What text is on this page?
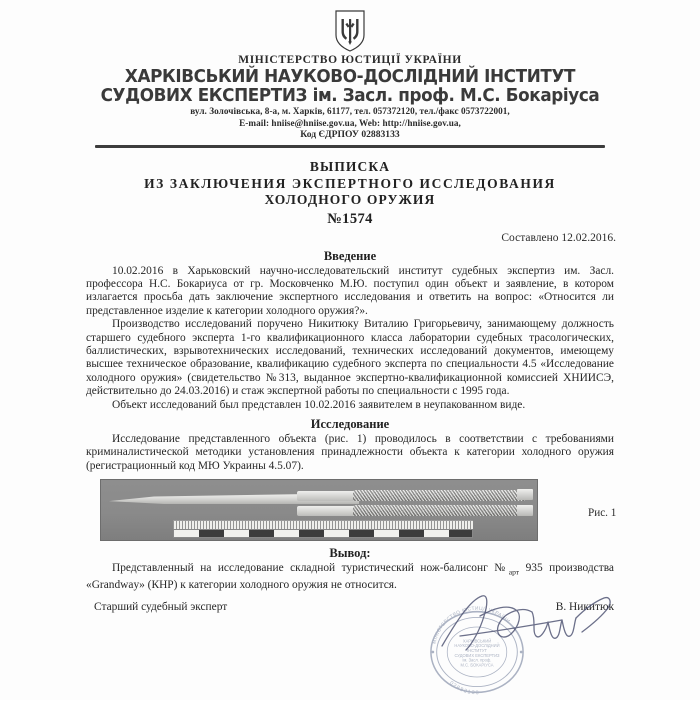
МІНІСТЕРСТВО ЮСТИЦІЇ УКРАЇНИ
ХАРКІВСЬКИЙ НАУКОВО-ДОСЛІДНИЙ ІНСТИТУТ
СУДОВИХ ЕКСПЕРТИЗ ім. Засл. проф. М.С. Бокаріуса
вул. Золочівська, 8-а, м. Харків, 61177, тел. 057372120, тел./факс 0573722001,
E-mail: hniise@hniise.gov.ua, Web: http://hniise.gov.ua,
Код ЄДРПОУ 02883133
ВЫПИСКА
ИЗ ЗАКЛЮЧЕНИЯ ЭКСПЕРТНОГО ИССЛЕДОВАНИЯ
ХОЛОДНОГО ОРУЖИЯ
№1574
Составлено 12.02.2016.
Введение

10.02.2016 в Харьковский научно-исследовательский институт судебных экспертиз им. Засл. профессора Н.С. Бокариуса от гр. Московченко М.Ю. поступил один объект и заявление, в котором излагается просьба дать заключение экспертного исследования и ответить на вопрос: «Относится ли представленное изделие к категории холодного оружия?».

Производство исследований поручено Никитюку Виталию Григорьевичу, занимающему должность старшего судебного эксперта 1-го квалификационного класса лаборатории судебных трасологических, баллистических, взрывотехнических исследований, технических исследований документов, имеющему высшее техническое образование, квалификацию судебного эксперта по специальности 4.5 «Исследование холодного оружия» (свидетельство №313, выданное экспертно-квалификационной комиссией ХНИИСЭ, действительно до 24.03.2016) и стаж экспертной работы по специальности с 1995 года.

Объект исследований был представлен 10.02.2016 заявителем в неупакованном виде.

Исследование

Исследование представленного объекта (рис. 1) проводилось в соответствии с требованиями криминалистической методики установления принадлежности объекта к категории холодного оружия (регистрационный код МЮ Украины 4.5.07).

Рис. 1
Вывод:

Представленный на исследование складной туристический нож-балисонг $№_{арт}$ 935 производства «Grandway» (КНР) к категории холодного оружия не относится.

Старший судебный эксперт	В. Никитюк
МІНІСТЕРСТВО ЮСТИЦІЇ УКРАЇНИ
02883133
ХАРКІВСЬКИЙ
НАУКОВО-ДОСЛІДНИЙ
ІНСТИТУТ
СУДОВИХ ЕКСПЕРТИЗ
ім. Засл. проф.
М.С. БОКАРІУСА
